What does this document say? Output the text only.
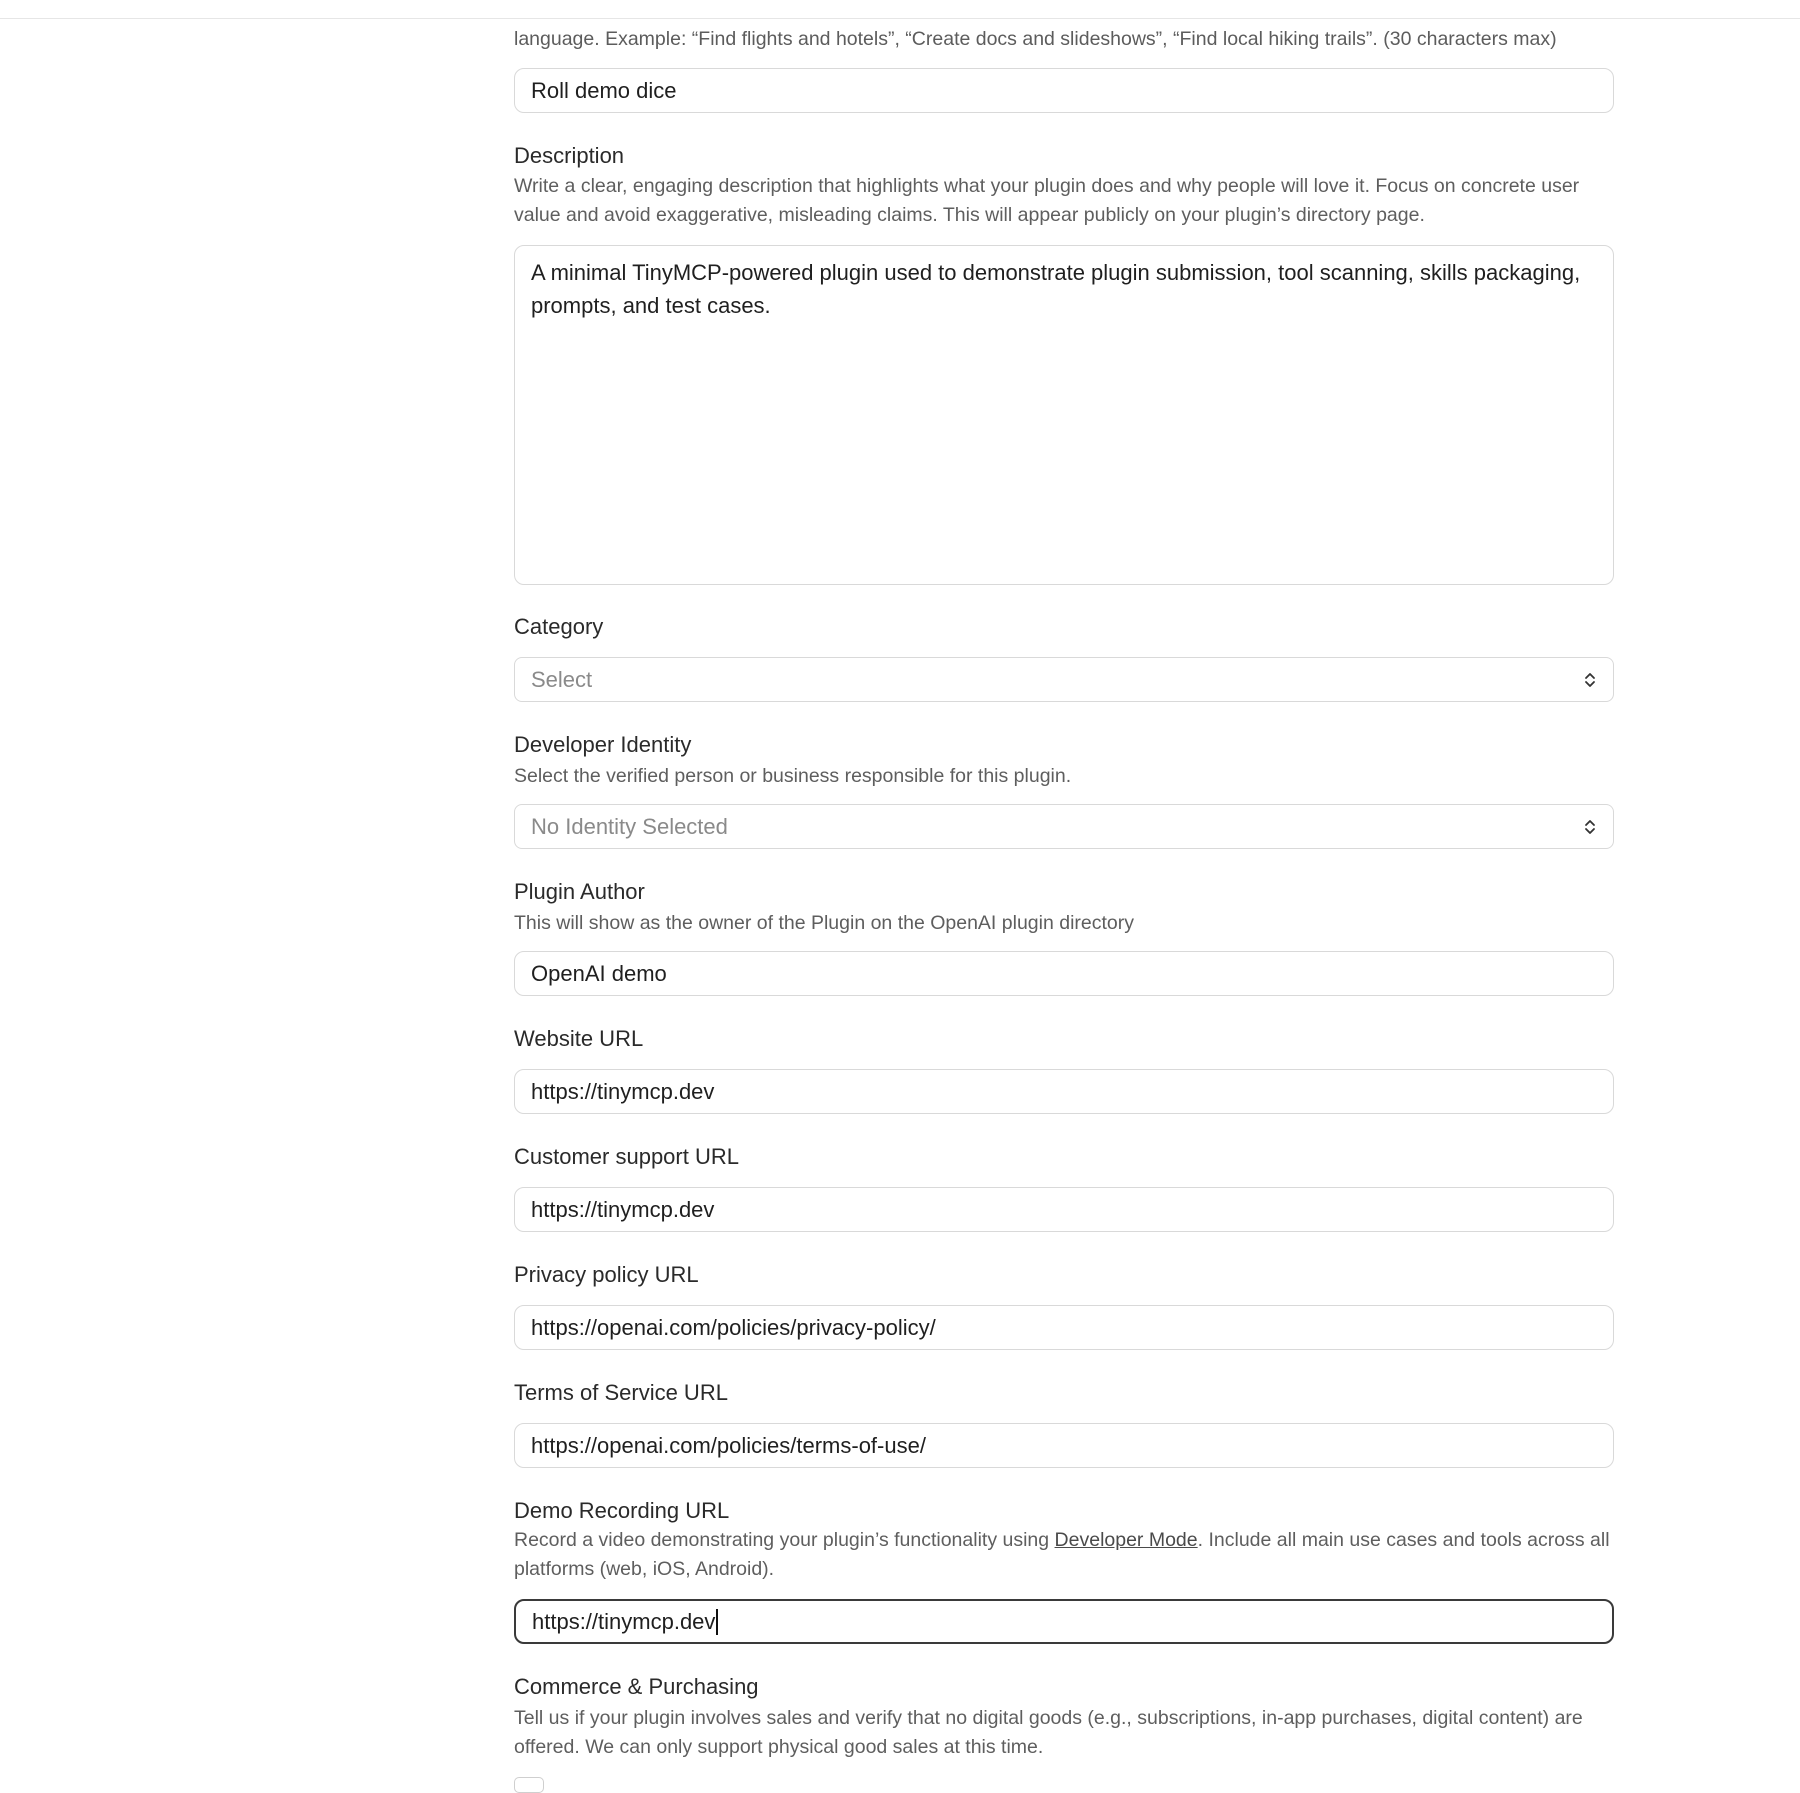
language. Example: “Find flights and hotels”, “Create docs and slideshows”, “Find local hiking trails”. (30 characters max)
Roll demo dice
Description
Write a clear, engaging description that highlights what your plugin does and why people will love it. Focus on concrete user value and avoid exaggerative, misleading claims. This will appear publicly on your plugin’s directory page.
A minimal TinyMCP-powered plugin used to demonstrate plugin submission, tool scanning, skills packaging, prompts, and test cases.
Category
Select
Developer Identity
Select the verified person or business responsible for this plugin.
No Identity Selected
Plugin Author
This will show as the owner of the Plugin on the OpenAI plugin directory
OpenAI demo
Website URL
https://tinymcp.dev
Customer support URL
https://tinymcp.dev
Privacy policy URL
https://openai.com/policies/privacy-policy/
Terms of Service URL
https://openai.com/policies/terms-of-use/
Demo Recording URL
Record a video demonstrating your plugin’s functionality using Developer Mode. Include all main use cases and tools across all platforms (web, iOS, Android).
https://tinymcp.dev
Commerce & Purchasing
Tell us if your plugin involves sales and verify that no digital goods (e.g., subscriptions, in-app purchases, digital content) are offered. We can only support physical good sales at this time.
